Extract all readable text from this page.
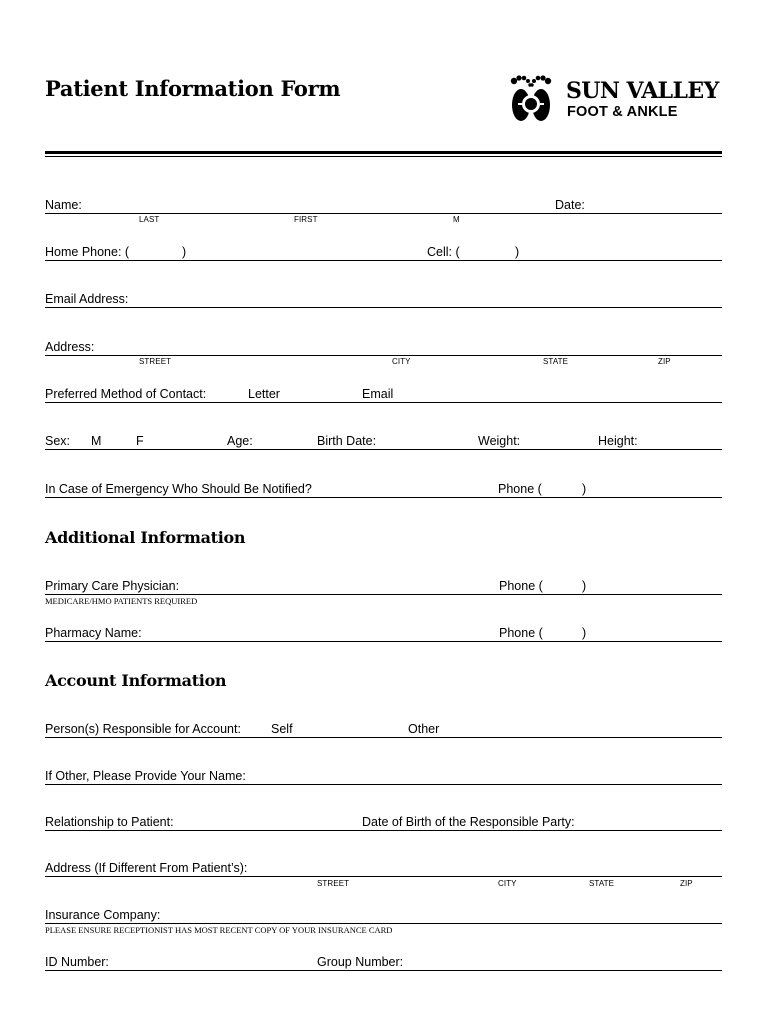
Patient Information Form	SUN VALLEY
FOOT & ANKLE
Name:	Date:
LAST	FIRST	M
Home Phone: (	)	Cell: (	)
Email Address:
Address:
STREET	CITY	STATE	ZIP
Preferred Method of Contact:	Letter	Email
Sex: M	F	Age:	Birth Date:	Weight:	Height:
In Case of Emergency Who Should Be Notified?	Phone (	)
Additional Information
Primary Care Physician:	Phone (	)
MEDICARE/HMO PATIENTS REQUIRED
Pharmacy Name:	Phone (	)
Account Information
Person(s) Responsible for Account: Self	Other
If Other, Please Provide Your Name:
Relationship to Patient:	Date of Birth of the Responsible Party:
Address (If Different From Patient’s):
STREET	CITY	STATE	ZIP
Insurance Company:
PLEASE ENSURE RECEPTIONIST HAS MOST RECENT COPY OF YOUR INSURANCE CARD
ID Number:	Group Number:
